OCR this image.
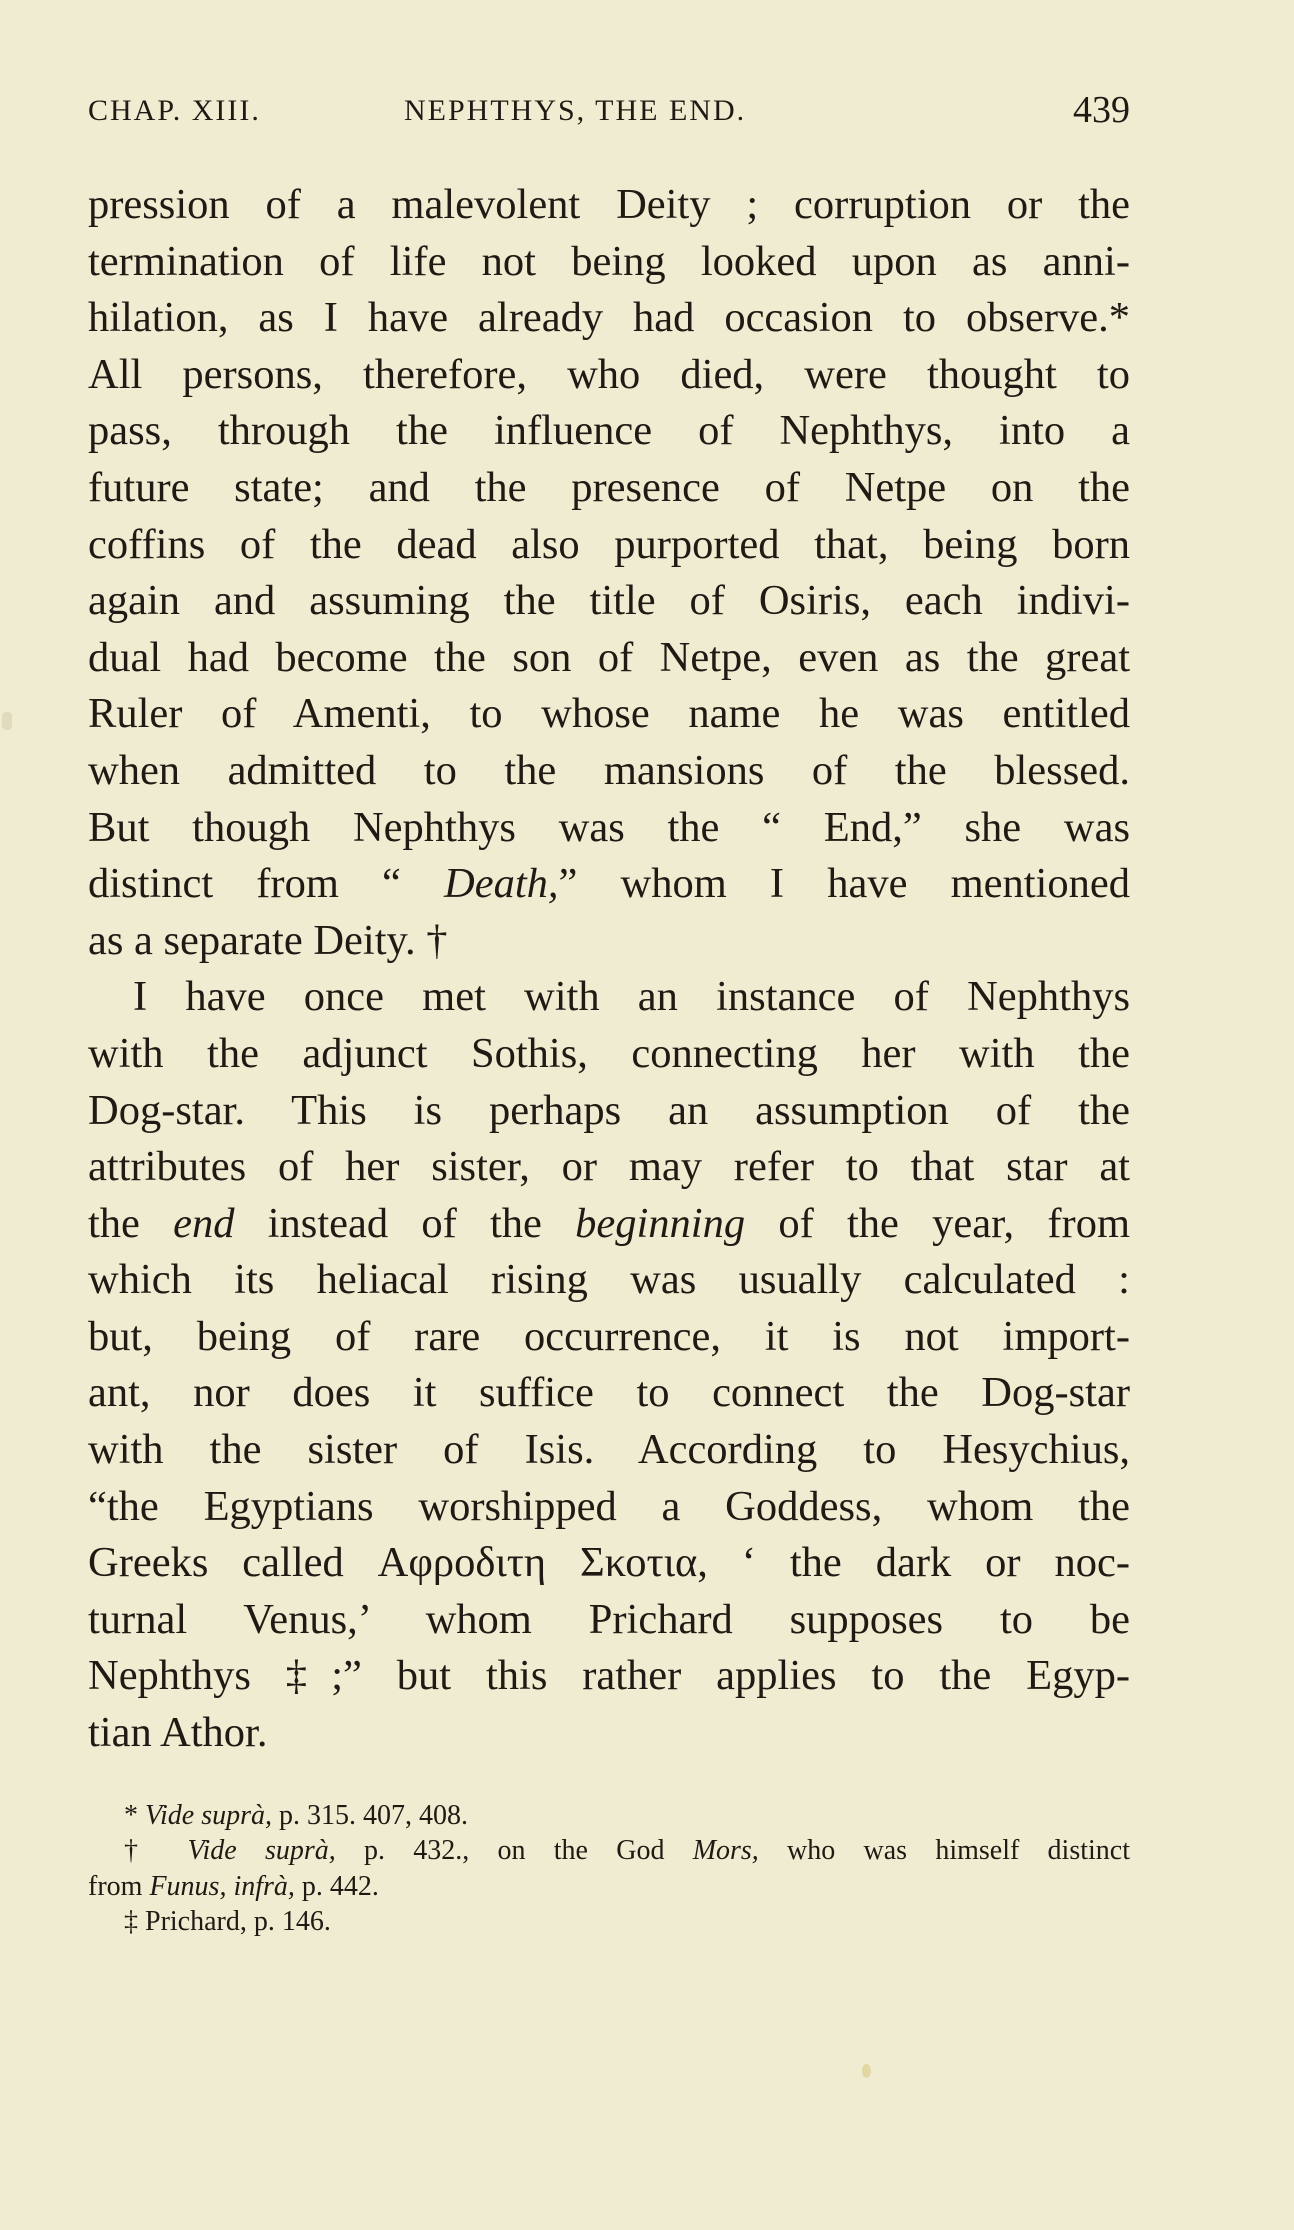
CHAP. XIII.	NEPHTHYS, THE END.	439
pression of a malevolent Deity ; corruption or the
termination of life not being looked upon as anni-
hilation, as I have already had occasion to observe.*
All persons, therefore, who died, were thought to
pass, through the influence of Nephthys, into a
future state; and the presence of Netpe on the
coffins of the dead also purported that, being born
again and assuming the title of Osiris, each indivi-
dual had become the son of Netpe, even as the great
Ruler of Amenti, to whose name he was entitled
when admitted to the mansions of the blessed.
But though Nephthys was the “ End,” she was
distinct from “ Death,” whom I have mentioned
as a separate Deity. †
I have once met with an instance of Nephthys
with the adjunct Sothis, connecting her with the
Dog-star. This is perhaps an assumption of the
attributes of her sister, or may refer to that star at
the end instead of the beginning of the year, from
which its heliacal rising was usually calculated :
but, being of rare occurrence, it is not import-
ant, nor does it suffice to connect the Dog-star
with the sister of Isis. According to Hesychius,
“the Egyptians worshipped a Goddess, whom the
Greeks called Αφροδιτη Σκοτια, ‘ the dark or noc-
turnal Venus,’ whom Prichard supposes to be
Nephthys ‡;” but this rather applies to the Egyp-
tian Athor.
* Vide suprà, p. 315. 407, 408.
† Vide suprà, p. 432., on the God Mors, who was himself distinct
from Funus, infrà, p. 442.
‡ Prichard, p. 146.
